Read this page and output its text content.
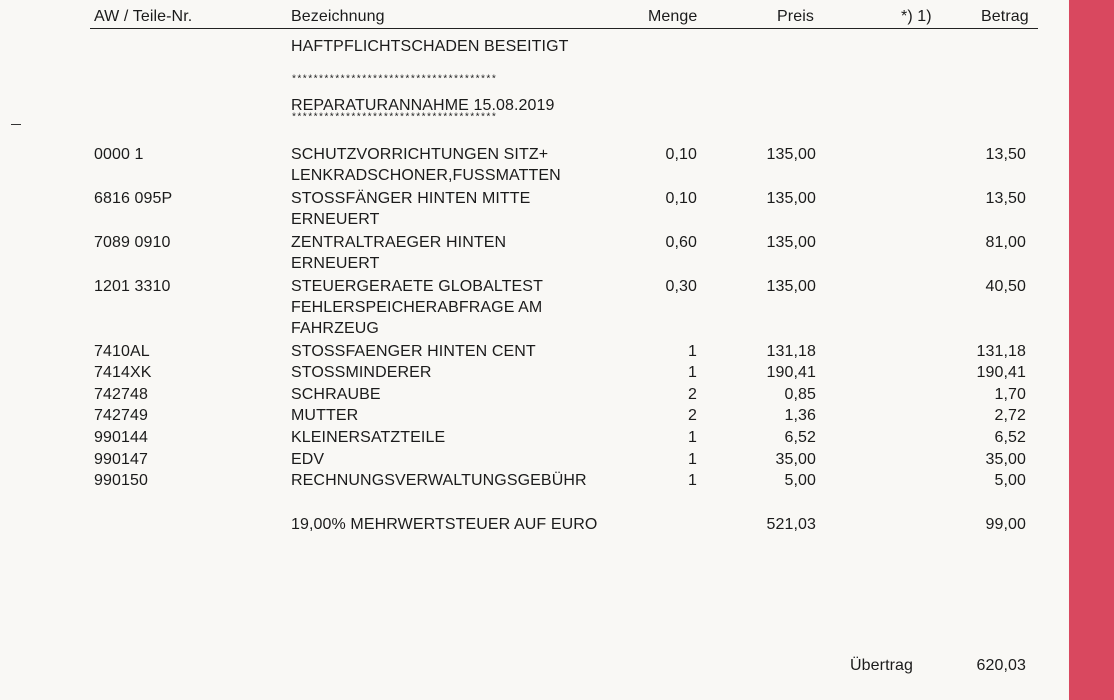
AW / Teile-Nr.	Bezeichnung	Menge	Preis	*) 1)	Betrag
HAFTPFLICHTSCHADEN BESEITIGT
**************************************
REPARATURANNAHME 15.08.2019
**************************************
0000 1	SCHUTZVORRICHTUNGEN SITZ+
LENKRADSCHONER,FUSSMATTEN
0,10	135,00	13,50
6816 095P	STOSSFÄNGER HINTEN MITTE
ERNEUERT
0,10	135,00	13,50
7089 0910	ZENTRALTRAEGER HINTEN
ERNEUERT
0,60	135,00	81,00
1201 3310	STEUERGERAETE GLOBALTEST
FEHLERSPEICHERABFRAGE AM
FAHRZEUG
0,30	135,00	40,50
7410AL	STOSSFAENGER HINTEN CENT	1	131,18	131,18
7414XK	STOSSMINDERER	1	190,41	190,41
742748	SCHRAUBE	2	0,85	1,70
742749	MUTTER	2	1,36	2,72
990144	KLEINERSATZTEILE	1	6,52	6,52
990147	EDV	1	35,00	35,00
990150	RECHNUNGSVERWALTUNGSGEBÜHR	1	5,00	5,00
19,00% MEHRWERTSTEUER AUF EURO	521,03	99,00
Übertrag	620,03
